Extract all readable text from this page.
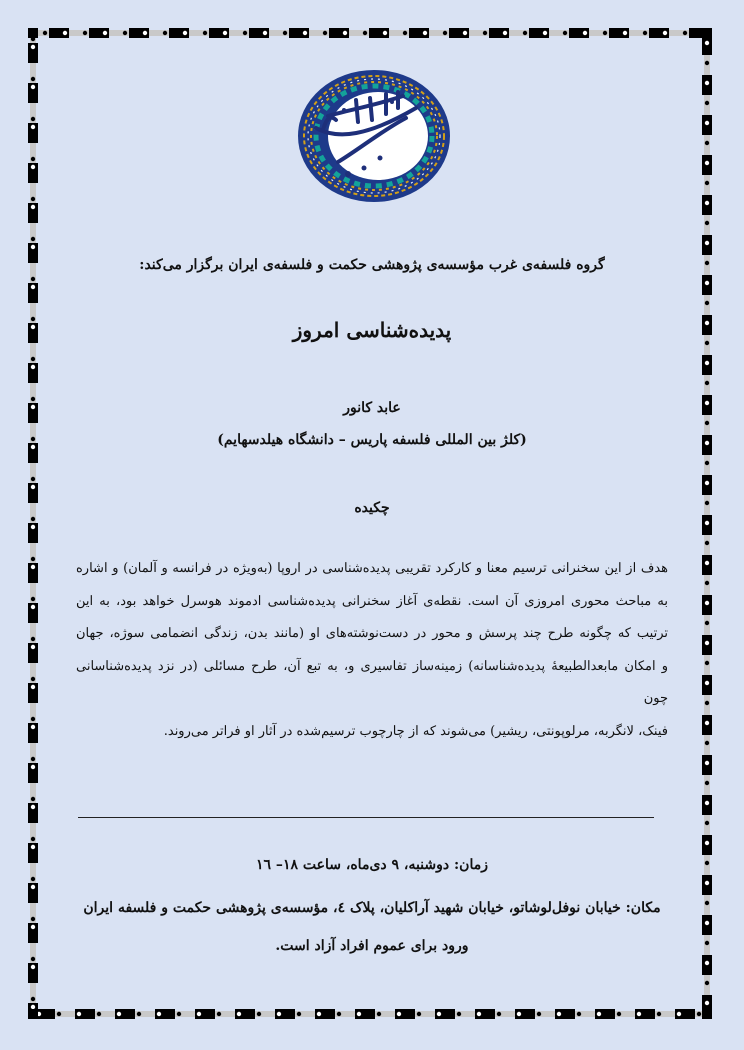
گروه فلسفه‌ی غرب مؤسسه‌ی پژوهشی حکمت و فلسفه‌ی ایران برگزار می‌کند:
پدیده‌شناسی امروز
عابد کانور
(کلژ بین المللی فلسفه پاریس – دانشگاه هیلدسهایم)
چکیده

هدف از این سخنرانی ترسیم معنا و کارکرد تقریبی پدیده‌شناسی در اروپا (به‌ویژه در فرانسه و آلمان) و اشاره

به مباحث محوری امروزی آن است. نقطه‌ی آغاز سخنرانی پدیده‌شناسی ادموند هوسرل خواهد بود، به این

ترتیب که چگونه طرح چند پرسش و محور در دست‌نوشته‌های او (مانند بدن، زندگی انضمامی سوژه، جهان

و امکان مابعدالطبیعهٔ پدیده‌شناسانه) زمینه‌ساز تفاسیری و، به تبع آن، طرح مسائلی (در نزد پدیده‌شناسانی چون

فینک، لانگربه، مرلوپونتی، ریشیر) می‌شوند که از چارچوب ترسیم‌شده در آثار او فراتر می‌روند.

زمان: دوشنبه، ۹ دی‌ماه، ساعت ۱۸– ۱٦
مکان: خیابان نوفل‌لوشاتو، خیابان شهید آراکلیان، پلاک ٤، مؤسسه‌ی پژوهشی حکمت و فلسفه ایران
ورود برای عموم افراد آزاد است.
